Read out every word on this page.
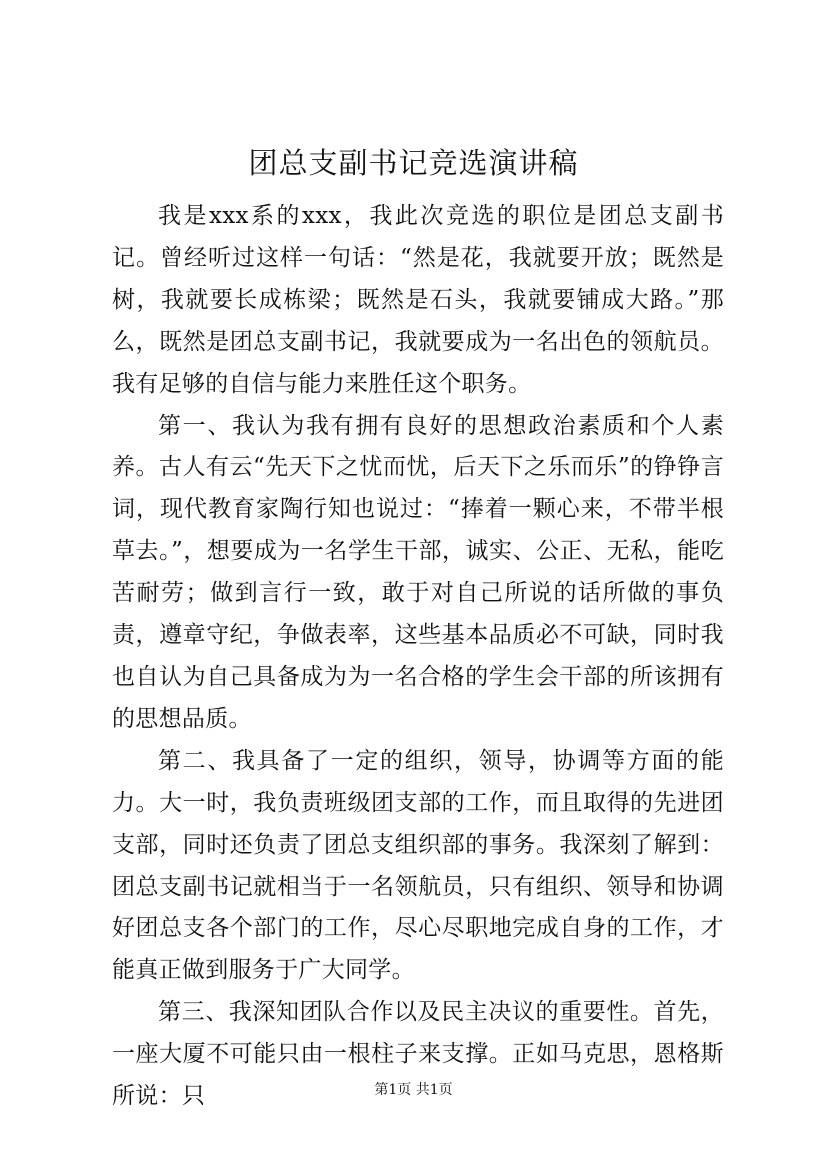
团总支副书记竞选演讲稿

我是xxx系的xxx，我此次竞选的职位是团总支副书记。曾经听过这样一句话：“然是花，我就要开放；既然是树，我就要长成栋梁；既然是石头，我就要铺成大路。”那么，既然是团总支副书记，我就要成为一名出色的领航员。我有足够的自信与能力来胜任这个职务。

第一、我认为我有拥有良好的思想政治素质和个人素养。古人有云“先天下之忧而忧，后天下之乐而乐”的铮铮言词，现代教育家陶行知也说过：“捧着一颗心来，不带半根草去。”，想要成为一名学生干部，诚实、公正、无私，能吃苦耐劳；做到言行一致，敢于对自己所说的话所做的事负责，遵章守纪，争做表率，这些基本品质必不可缺，同时我也自认为自己具备成为为一名合格的学生会干部的所该拥有的思想品质。

第二、我具备了一定的组织，领导，协调等方面的能力。大一时，我负责班级团支部的工作，而且取得的先进团支部，同时还负责了团总支组织部的事务。我深刻了解到：团总支副书记就相当于一名领航员，只有组织、领导和协调好团总支各个部门的工作，尽心尽职地完成自身的工作，才能真正做到服务于广大同学。

第三、我深知团队合作以及民主决议的重要性。首先，一座大厦不可能只由一根柱子来支撑。正如马克思，恩格斯所说：只	第1页 共1页
